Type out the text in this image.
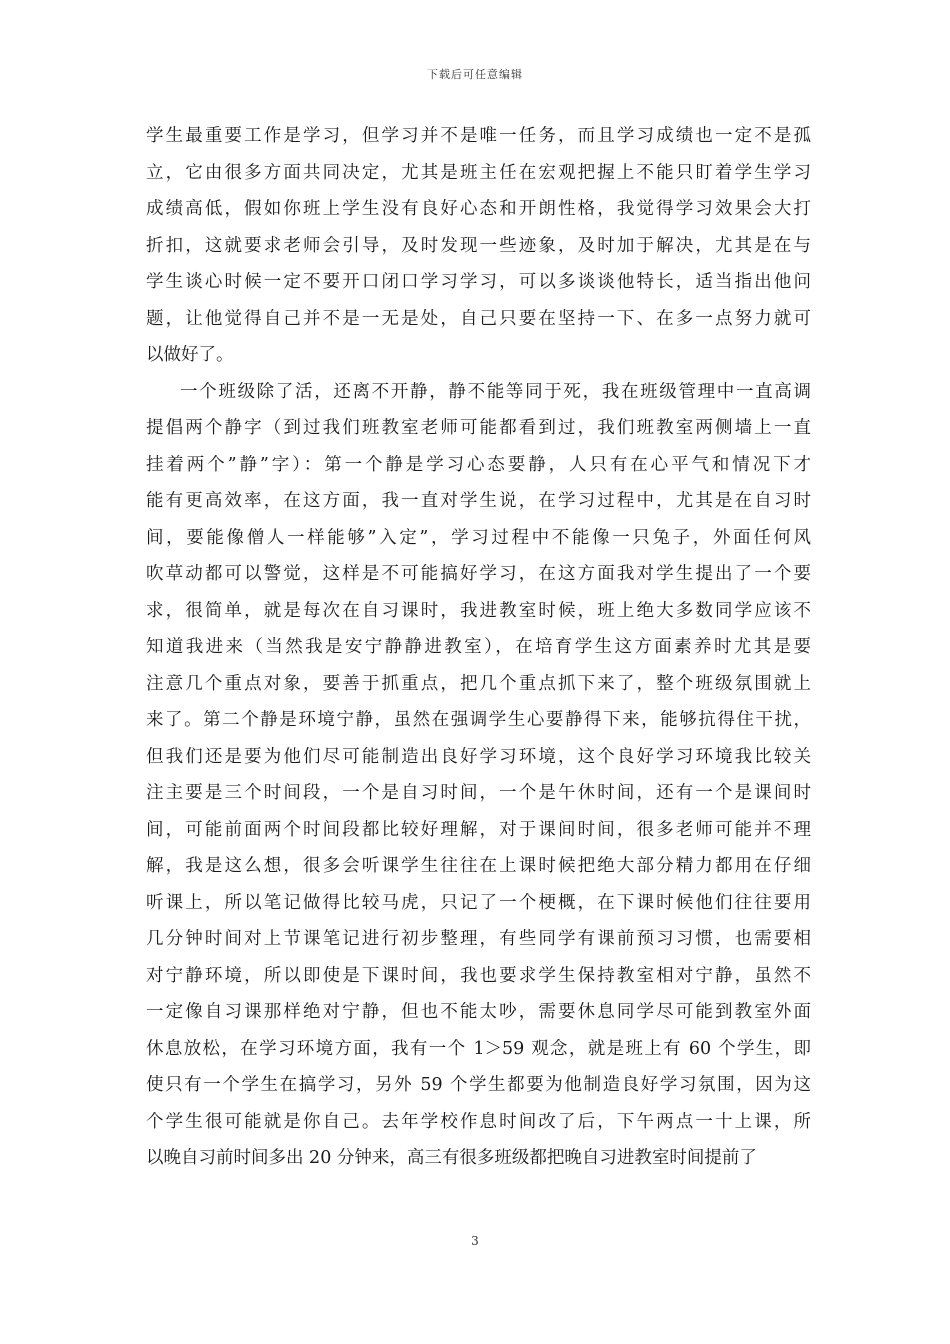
下载后可任意编辑
学生最重要工作是学习，但学习并不是唯一任务，而且学习成绩也一定不是孤
立，它由很多方面共同决定，尤其是班主任在宏观把握上不能只盯着学生学习
成绩高低，假如你班上学生没有良好心态和开朗性格，我觉得学习效果会大打
折扣，这就要求老师会引导，及时发现一些迹象，及时加于解决，尤其是在与
学生谈心时候一定不要开口闭口学习学习，可以多谈谈他特长，适当指出他问
题，让他觉得自己并不是一无是处，自己只要在坚持一下、在多一点努力就可
以做好了。
一个班级除了活，还离不开静，静不能等同于死，我在班级管理中一直高调
提倡两个静字（到过我们班教室老师可能都看到过，我们班教室两侧墙上一直
挂着两个”静”字）：第一个静是学习心态要静，人只有在心平气和情况下才
能有更高效率，在这方面，我一直对学生说，在学习过程中，尤其是在自习时
间，要能像僧人一样能够”入定”，学习过程中不能像一只兔子，外面任何风
吹草动都可以警觉，这样是不可能搞好学习，在这方面我对学生提出了一个要
求，很简单，就是每次在自习课时，我进教室时候，班上绝大多数同学应该不
知道我进来（当然我是安宁静静进教室），在培育学生这方面素养时尤其是要
注意几个重点对象，要善于抓重点，把几个重点抓下来了，整个班级氛围就上
来了。第二个静是环境宁静，虽然在强调学生心要静得下来，能够抗得住干扰，
但我们还是要为他们尽可能制造出良好学习环境，这个良好学习环境我比较关
注主要是三个时间段，一个是自习时间，一个是午休时间，还有一个是课间时
间，可能前面两个时间段都比较好理解，对于课间时间，很多老师可能并不理
解，我是这么想，很多会听课学生往往在上课时候把绝大部分精力都用在仔细
听课上，所以笔记做得比较马虎，只记了一个梗概，在下课时候他们往往要用
几分钟时间对上节课笔记进行初步整理，有些同学有课前预习习惯，也需要相
对宁静环境，所以即使是下课时间，我也要求学生保持教室相对宁静，虽然不
一定像自习课那样绝对宁静，但也不能太吵，需要休息同学尽可能到教室外面
休息放松，在学习环境方面，我有一个 1＞59 观念，就是班上有 60 个学生，即
使只有一个学生在搞学习，另外 59 个学生都要为他制造良好学习氛围，因为这
个学生很可能就是你自己。去年学校作息时间改了后，下午两点一十上课，所
以晚自习前时间多出 20 分钟来，高三有很多班级都把晚自习进教室时间提前了
3
